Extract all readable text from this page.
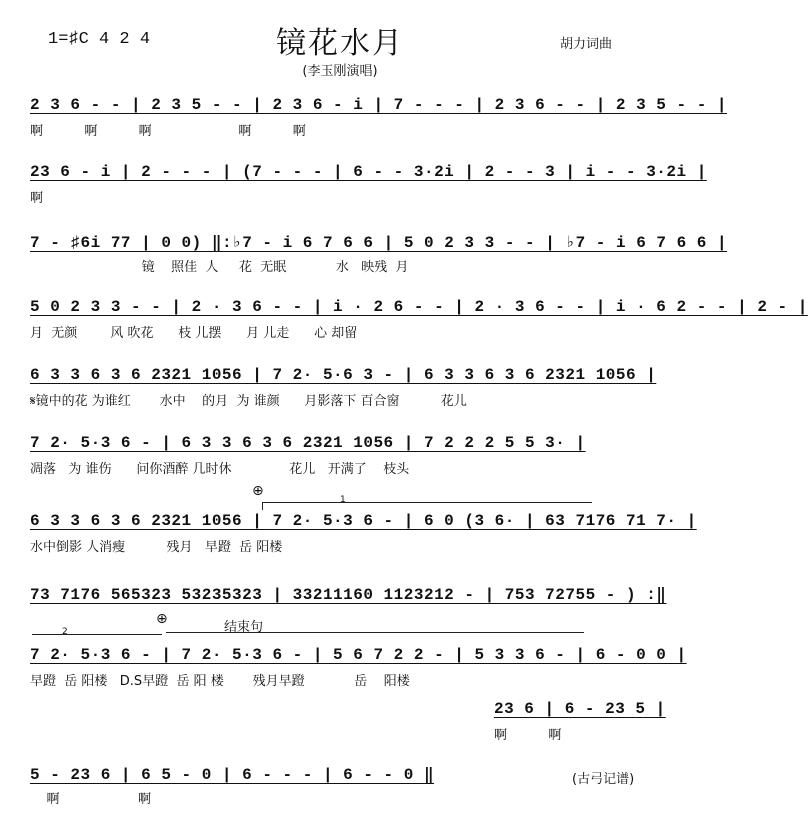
1=♯C 4 2 4	镜花水月	胡力词曲
(李玉刚演唱)
2 3 6 - - | 2 3 5 - - | 2 3 6 - i | 7 - - - | 2 3 6 - - | 2 3 5 - - |
啊          啊          啊                     啊          啊
23 6 - i | 2 - - - | (7 - - - | 6 - - 3·2i | 2 - - 3 | i - - 3·2i |
啊
7 - ♯6i 77 | 0 0) ‖:♭7 - i 6 7 6 6 | 5 0 2 3 3 - - | ♭7 - i 6 7 6 6 |
镜    照佳  人     花  无眠            水   映残  月
5 0 2 3 3 - - | 2 · 3 6 - - | i · 2 6 - - | 2 · 3 6 - - | i · 6 2 - - | 2 - |
月  无颜        风 吹花      枝 儿摆      月 儿走      心 却留
6 3 3 6 3 6 2321 1056 | 7 2· 5·6 3 - | 6 3 3 6 3 6 2321 1056 |
𝄋镜中的花 为谁红       水中    的月  为 谁颜      月影落下 百合窗          花儿
7 2· 5·3 6 - | 6 3 3 6 3 6 2321 1056 | 7 2 2 2 5 5 3· |
凋落   为 谁伤      问你酒醉 几时休              花儿   开满了    枝头
⊕
1
6 3 3 6 3 6 2321 1056 | 7 2· 5·3 6 - | 6 0 (3 6· | 63 7176 71 7· |
水中倒影 人消瘦          残月   早蹬  岳 阳楼
73 7176 565323 53235323 | 33211160 1123212 - | 753 72755 - ) :‖
⊕
结束句
2
7 2· 5·3 6 - | 7 2· 5·3 6 - | 5 6 7 2 2 - | 5 3 3 6 - | 6 - 0 0 |
早蹬  岳 阳楼   D.S早蹬  岳 阳 楼       残月早蹬            岳    阳楼
23 6 | 6 - 23 5 |
啊          啊
5 - 23 6 | 6 5 - 0 | 6 - - - | 6 - - 0 ‖
啊                   啊
(古弓记谱)
